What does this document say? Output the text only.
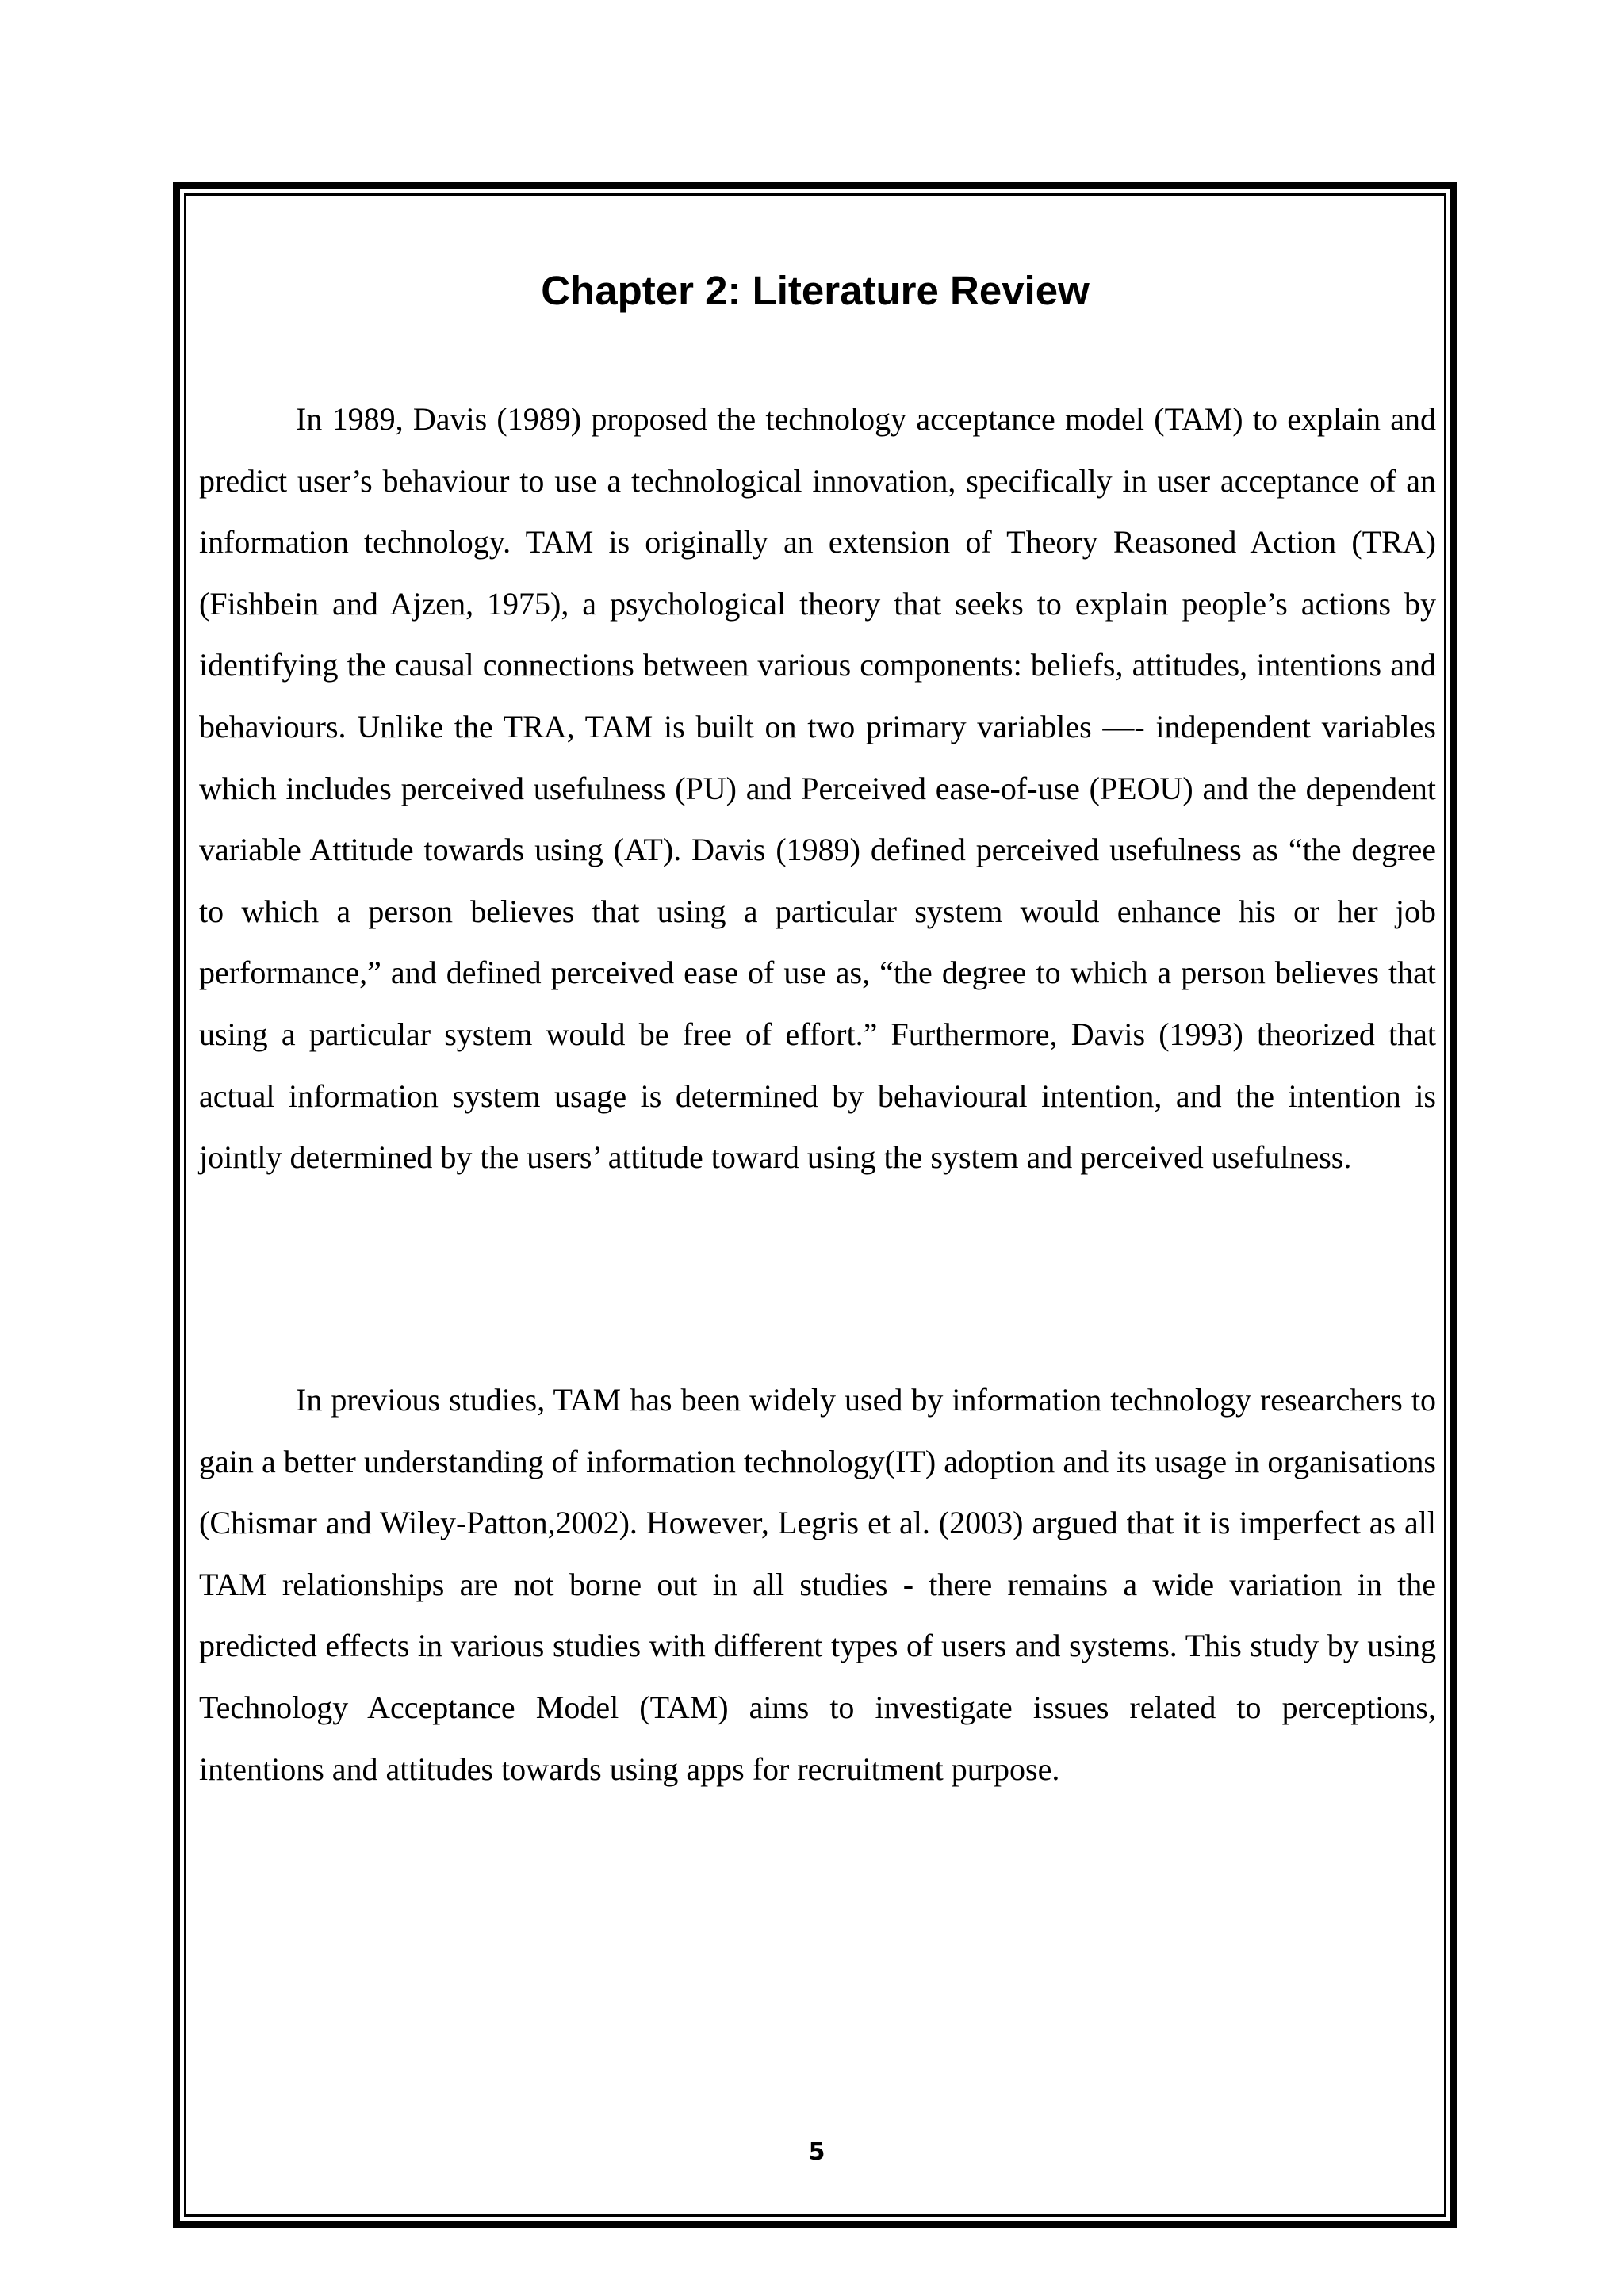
Chapter 2: Literature Review

In 1989, Davis (1989) proposed the technology acceptance model (TAM) to explain and predict user’s behaviour to use a technological innovation, specifically in user acceptance of an information technology. TAM is originally an extension of Theory Reasoned Action (TRA) (Fishbein and Ajzen, 1975), a psychological theory that seeks to explain people’s actions by identifying the causal connections between various components: beliefs, attitudes, intentions and behaviours. Unlike the TRA, TAM is built on two primary variables —- independent variables which includes perceived usefulness (PU) and Perceived ease-of-use (PEOU) and the dependent variable Attitude towards using (AT). Davis (1989) defined perceived usefulness as “the degree to which a person believes that using a particular system would enhance his or her job performance,” and defined perceived ease of use as, “the degree to which a person believes that using a particular system would be free of effort.” Furthermore, Davis (1993) theorized that actual information system usage is determined by behavioural intention, and the intention is jointly determined by the users’ attitude toward using the system and perceived usefulness.

In previous studies, TAM has been widely used by information technology researchers to gain a better understanding of information technology(IT) adoption and its usage in organisations (Chismar and Wiley-Patton,2002). However, Legris et al. (2003) argued that it is imperfect as all TAM relationships are not borne out in all studies - there remains a wide variation in the predicted effects in various studies with different types of users and systems. This study by using Technology Acceptance Model (TAM) aims to investigate issues related to perceptions, intentions and attitudes towards using apps for recruitment purpose.

5
